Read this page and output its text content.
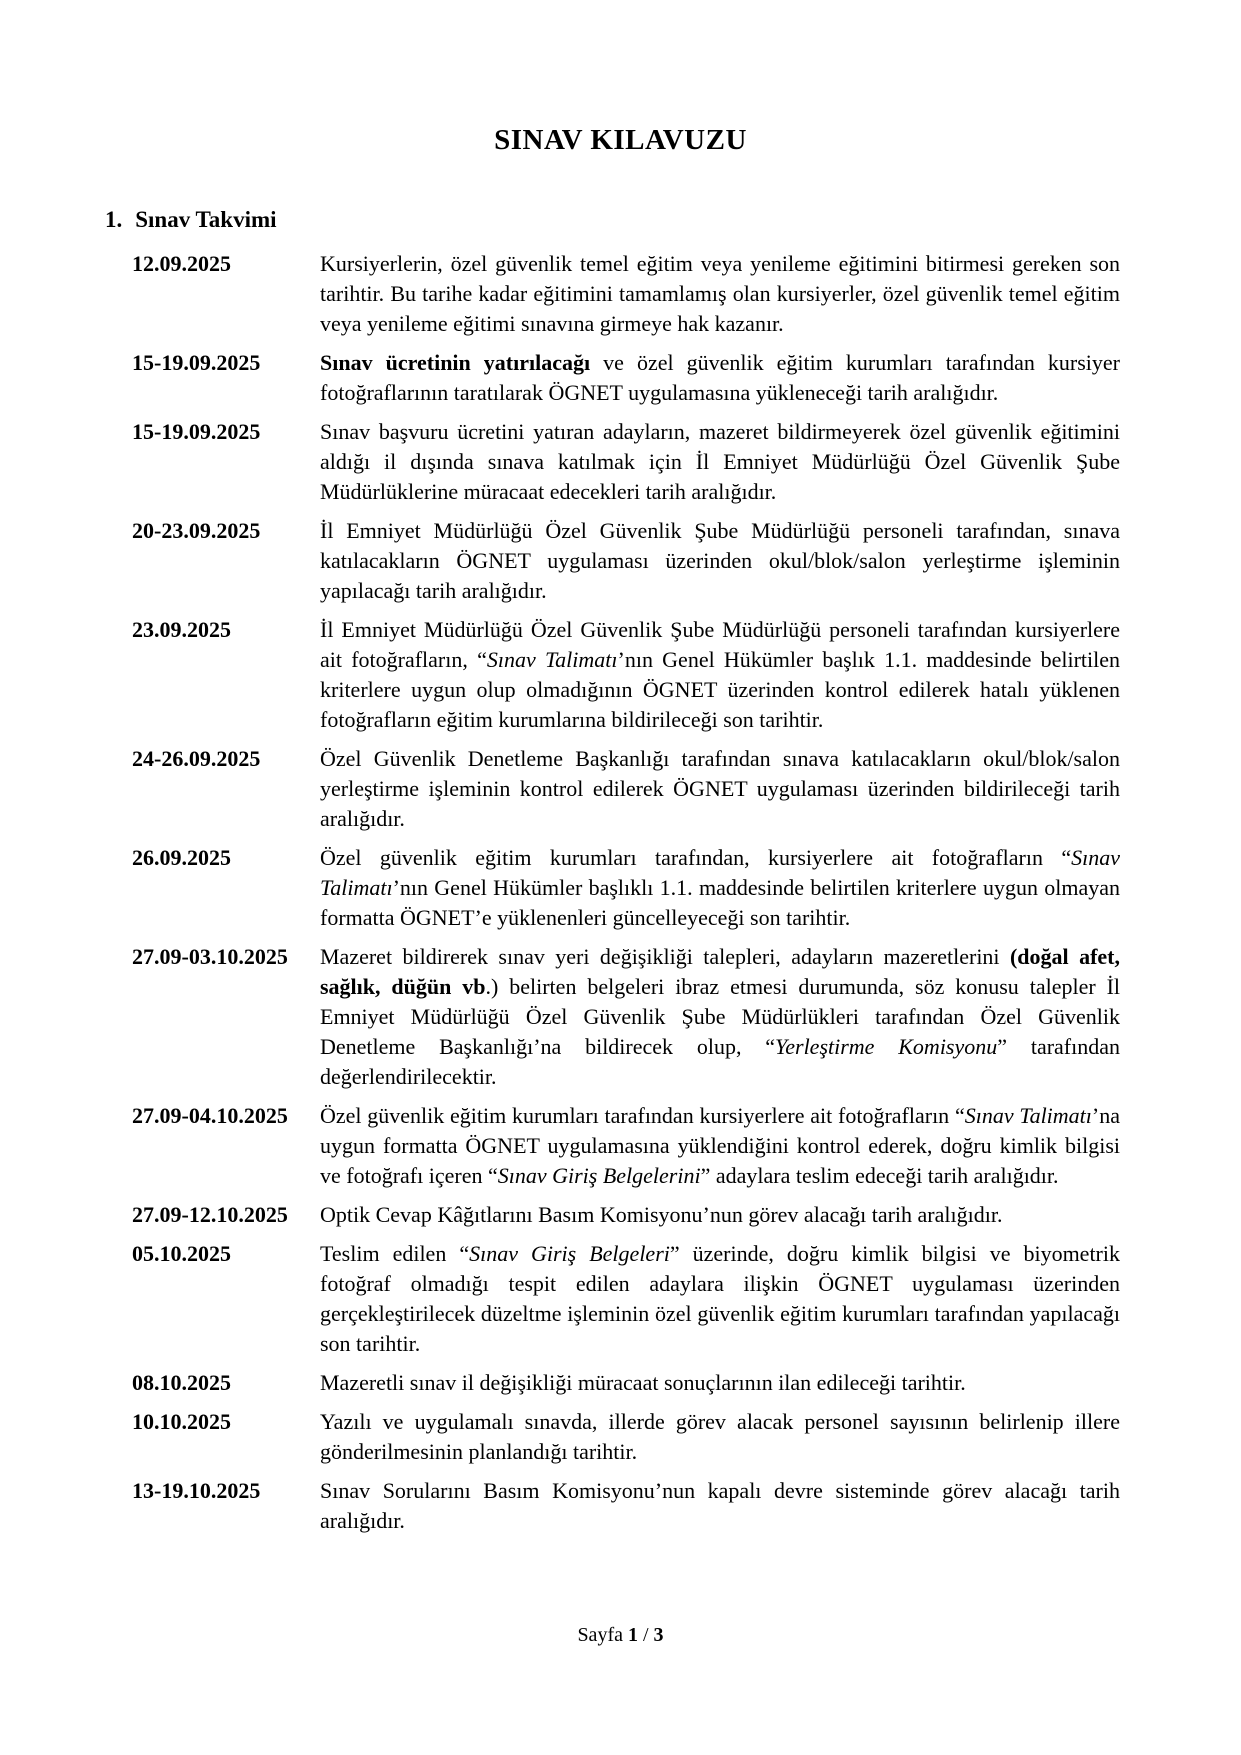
SINAV KILAVUZU
1. Sınav Takvimi
12.09.2025	Kursiyerlerin, özel güvenlik temel eğitim veya yenileme eğitimini bitirmesi gereken son tarihtir. Bu tarihe kadar eğitimini tamamlamış olan kursiyerler, özel güvenlik temel eğitim veya yenileme eğitimi sınavına girmeye hak kazanır.
15-19.09.2025	Sınav ücretinin yatırılacağı ve özel güvenlik eğitim kurumları tarafından kursiyer fotoğraflarının taratılarak ÖGNET uygulamasına yükleneceği tarih aralığıdır.
15-19.09.2025	Sınav başvuru ücretini yatıran adayların, mazeret bildirmeyerek özel güvenlik eğitimini aldığı il dışında sınava katılmak için İl Emniyet Müdürlüğü Özel Güvenlik Şube Müdürlüklerine müracaat edecekleri tarih aralığıdır.
20-23.09.2025	İl Emniyet Müdürlüğü Özel Güvenlik Şube Müdürlüğü personeli tarafından, sınava katılacakların ÖGNET uygulaması üzerinden okul/blok/salon yerleştirme işleminin yapılacağı tarih aralığıdır.
23.09.2025	İl Emniyet Müdürlüğü Özel Güvenlik Şube Müdürlüğü personeli tarafından kursiyerlere ait fotoğrafların, “Sınav Talimatı’nın Genel Hükümler başlık 1.1. maddesinde belirtilen kriterlere uygun olup olmadığının ÖGNET üzerinden kontrol edilerek hatalı yüklenen fotoğrafların eğitim kurumlarına bildirileceği son tarihtir.
24-26.09.2025	Özel Güvenlik Denetleme Başkanlığı tarafından sınava katılacakların okul/blok/salon yerleştirme işleminin kontrol edilerek ÖGNET uygulaması üzerinden bildirileceği tarih aralığıdır.
26.09.2025	Özel güvenlik eğitim kurumları tarafından, kursiyerlere ait fotoğrafların “Sınav Talimatı’nın Genel Hükümler başlıklı 1.1. maddesinde belirtilen kriterlere uygun olmayan formatta ÖGNET’e yüklenenleri güncelleyeceği son tarihtir.
27.09-03.10.2025	Mazeret bildirerek sınav yeri değişikliği talepleri, adayların mazeretlerini (doğal afet, sağlık, düğün vb.) belirten belgeleri ibraz etmesi durumunda, söz konusu talepler İl Emniyet Müdürlüğü Özel Güvenlik Şube Müdürlükleri tarafından Özel Güvenlik Denetleme Başkanlığı’na bildirecek olup, “Yerleştirme Komisyonu” tarafından değerlendirilecektir.
27.09-04.10.2025	Özel güvenlik eğitim kurumları tarafından kursiyerlere ait fotoğrafların “Sınav Talimatı’na uygun formatta ÖGNET uygulamasına yüklendiğini kontrol ederek, doğru kimlik bilgisi ve fotoğrafı içeren “Sınav Giriş Belgelerini” adaylara teslim edeceği tarih aralığıdır.
27.09-12.10.2025	Optik Cevap Kâğıtlarını Basım Komisyonu’nun görev alacağı tarih aralığıdır.
05.10.2025	Teslim edilen “Sınav Giriş Belgeleri” üzerinde, doğru kimlik bilgisi ve biyometrik fotoğraf olmadığı tespit edilen adaylara ilişkin ÖGNET uygulaması üzerinden gerçekleştirilecek düzeltme işleminin özel güvenlik eğitim kurumları tarafından yapılacağı son tarihtir.
08.10.2025	Mazeretli sınav il değişikliği müracaat sonuçlarının ilan edileceği tarihtir.
10.10.2025	Yazılı ve uygulamalı sınavda, illerde görev alacak personel sayısının belirlenip illere gönderilmesinin planlandığı tarihtir.
13-19.10.2025	Sınav Sorularını Basım Komisyonu’nun kapalı devre sisteminde görev alacağı tarih aralığıdır.
Sayfa 1 / 3
